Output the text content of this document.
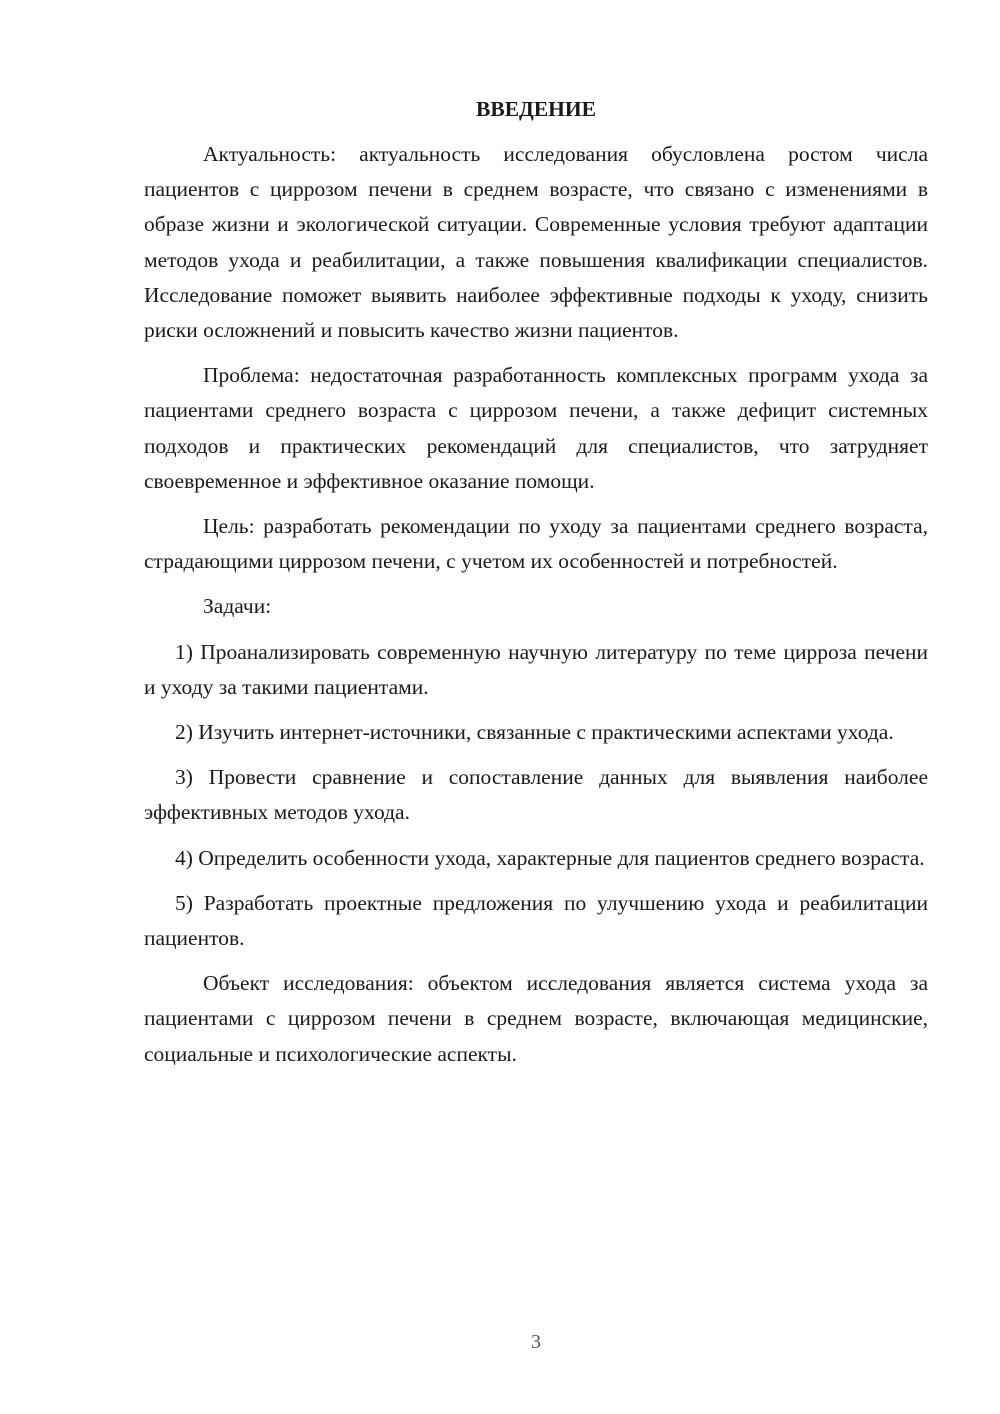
ВВЕДЕНИЕ

Актуальность: актуальность исследования обусловлена ростом числа пациентов с циррозом печени в среднем возрасте, что связано с изменениями в образе жизни и экологической ситуации. Современные условия требуют адаптации методов ухода и реабилитации, а также повышения квалификации специалистов. Исследование поможет выявить наиболее эффективные подходы к уходу, снизить риски осложнений и повысить качество жизни пациентов.

Проблема: недостаточная разработанность комплексных программ ухода за пациентами среднего возраста с циррозом печени, а также дефицит системных подходов и практических рекомендаций для специалистов, что затрудняет своевременное и эффективное оказание помощи.

Цель: разработать рекомендации по уходу за пациентами среднего возраста, страдающими циррозом печени, с учетом их особенностей и потребностей.

Задачи:

1) Проанализировать современную научную литературу по теме цирроза печени и уходу за такими пациентами.

2) Изучить интернет-источники, связанные с практическими аспектами ухода.

3) Провести сравнение и сопоставление данных для выявления наиболее эффективных методов ухода.

4) Определить особенности ухода, характерные для пациентов среднего возраста.

5) Разработать проектные предложения по улучшению ухода и реабилитации пациентов.

Объект исследования: объектом исследования является система ухода за пациентами с циррозом печени в среднем возрасте, включающая медицинские, социальные и психологические аспекты.

3
